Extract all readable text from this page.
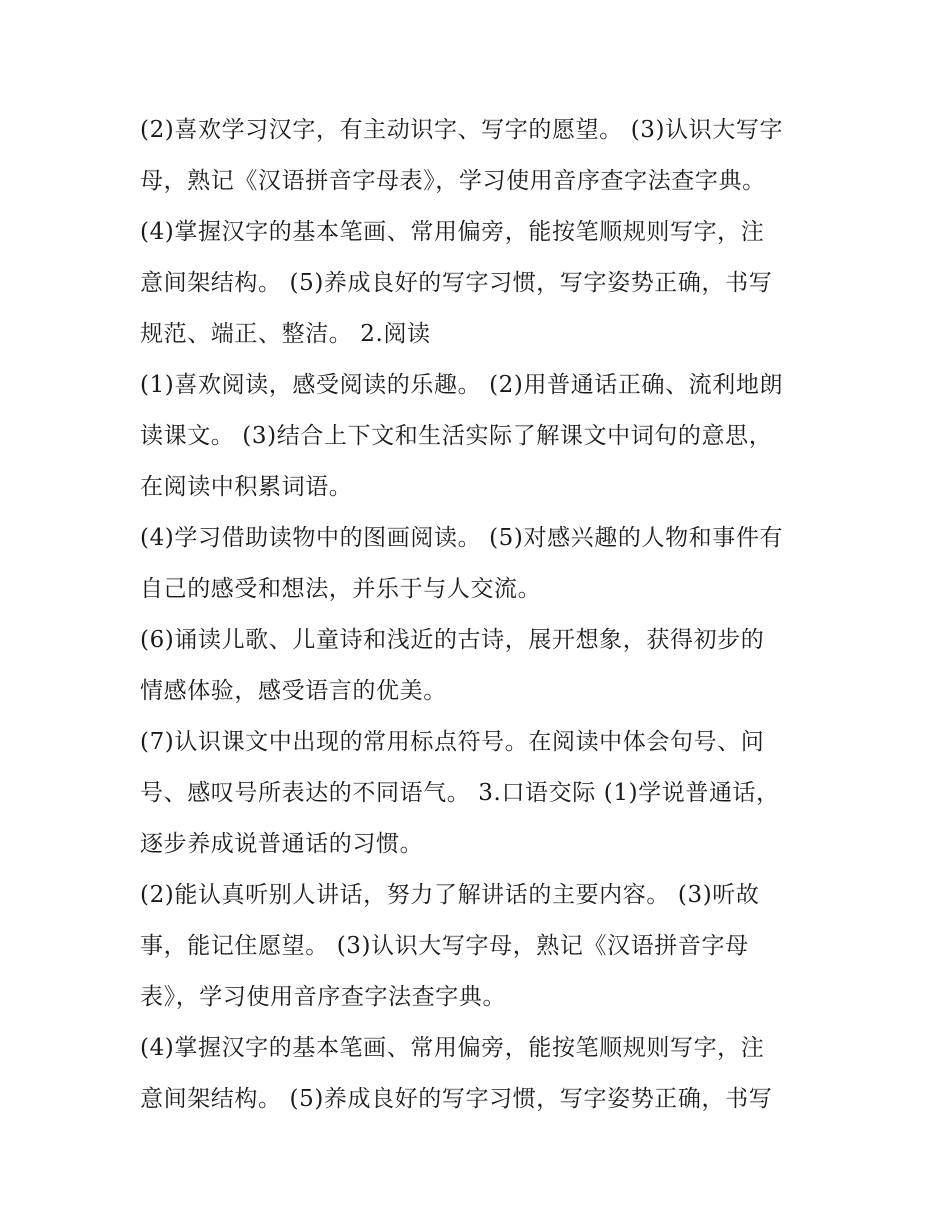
(2)喜欢学习汉字，有主动识字、写字的愿望。 (3)认识大写字
母，熟记《汉语拼音字母表》，学习使用音序查字法查字典。
(4)掌握汉字的基本笔画、常用偏旁，能按笔顺规则写字，注
意间架结构。 (5)养成良好的写字习惯，写字姿势正确，书写
规范、端正、整洁。 2.阅读
(1)喜欢阅读，感受阅读的乐趣。 (2)用普通话正确、流利地朗
读课文。 (3)结合上下文和生活实际了解课文中词句的意思，
在阅读中积累词语。
(4)学习借助读物中的图画阅读。 (5)对感兴趣的人物和事件有
自己的感受和想法，并乐于与人交流。
(6)诵读儿歌、儿童诗和浅近的古诗，展开想象，获得初步的
情感体验，感受语言的优美。
(7)认识课文中出现的常用标点符号。在阅读中体会句号、问
号、感叹号所表达的不同语气。 3.口语交际 (1)学说普通话，
逐步养成说普通话的习惯。
(2)能认真听别人讲话，努力了解讲话的主要内容。 (3)听故
事，能记住愿望。 (3)认识大写字母，熟记《汉语拼音字母
表》，学习使用音序查字法查字典。
(4)掌握汉字的基本笔画、常用偏旁，能按笔顺规则写字，注
意间架结构。 (5)养成良好的写字习惯，写字姿势正确，书写
